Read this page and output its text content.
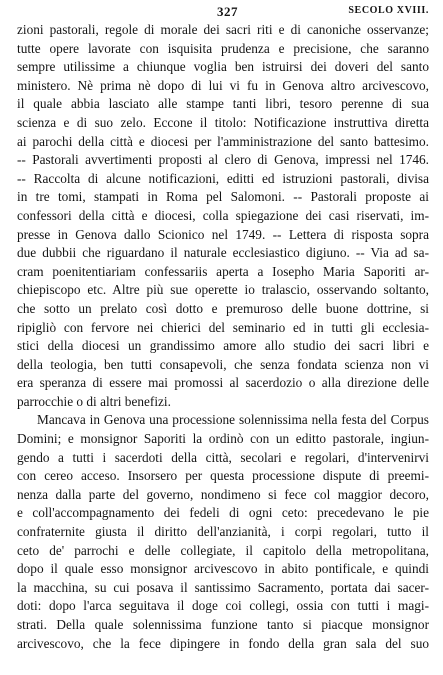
327	SECOLO XVIII.
zioni pastorali, regole di morale dei sacri riti e di canoniche osservanze;
tutte opere lavorate con isquisita prudenza e precisione, che saranno
sempre utilissime a chiunque voglia ben istruirsi dei doveri del santo
ministero. Nè prima nè dopo di lui vi fu in Genova altro arcivescovo,
il quale abbia lasciato alle stampe tanti libri, tesoro perenne di sua
scienza e di suo zelo. Eccone il titolo: Notificazione instruttiva diretta
ai parochi della città e diocesi per l'amministrazione del santo battesimo.
-- Pastorali avvertimenti proposti al clero di Genova, impressi nel 1746.
-- Raccolta di alcune notificazioni, editti ed istruzioni pastorali, divisa
in tre tomi, stampati in Roma pel Salomoni. -- Pastorali proposte ai
confessori della città e diocesi, colla spiegazione dei casi riservati, im-
presse in Genova dallo Scionico nel 1749. -- Lettera di risposta sopra
due dubbii che riguardano il naturale ecclesiastico digiuno. -- Via ad sa-
cram poenitentiariam confessariis aperta a Iosepho Maria Saporiti ar-
chiepiscopo etc. Altre più sue operette io tralascio, osservando soltanto,
che sotto un prelato così dotto e premuroso delle buone dottrine, si
ripigliò con fervore nei chierici del seminario ed in tutti gli ecclesia-
stici della diocesi un grandissimo amore allo studio dei sacri libri e
della teologia, ben tutti consapevoli, che senza fondata scienza non vi
era speranza di essere mai promossi al sacerdozio o alla direzione delle
parrocchie o di altri benefizi.
Mancava in Genova una processione solennissima nella festa del Corpus
Domini; e monsignor Saporiti la ordinò con un editto pastorale, ingiun-
gendo a tutti i sacerdoti della città, secolari e regolari, d'intervenirvi
con cereo acceso. Insorsero per questa processione dispute di preemi-
nenza dalla parte del governo, nondimeno si fece col maggior decoro,
e coll'accompagnamento dei fedeli di ogni ceto: precedevano le pie
confraternite giusta il diritto dell'anzianità, i corpi regolari, tutto il
ceto de' parrochi e delle collegiate, il capitolo della metropolitana,
dopo il quale esso monsignor arcivescovo in abito pontificale, e quindi
la macchina, su cui posava il santissimo Sacramento, portata dai sacer-
doti: dopo l'arca seguitava il doge coi collegi, ossia con tutti i magi-
strati. Della quale solennissima funzione tanto si piacque monsignor
arcivescovo, che la fece dipingere in fondo della gran sala del suo
